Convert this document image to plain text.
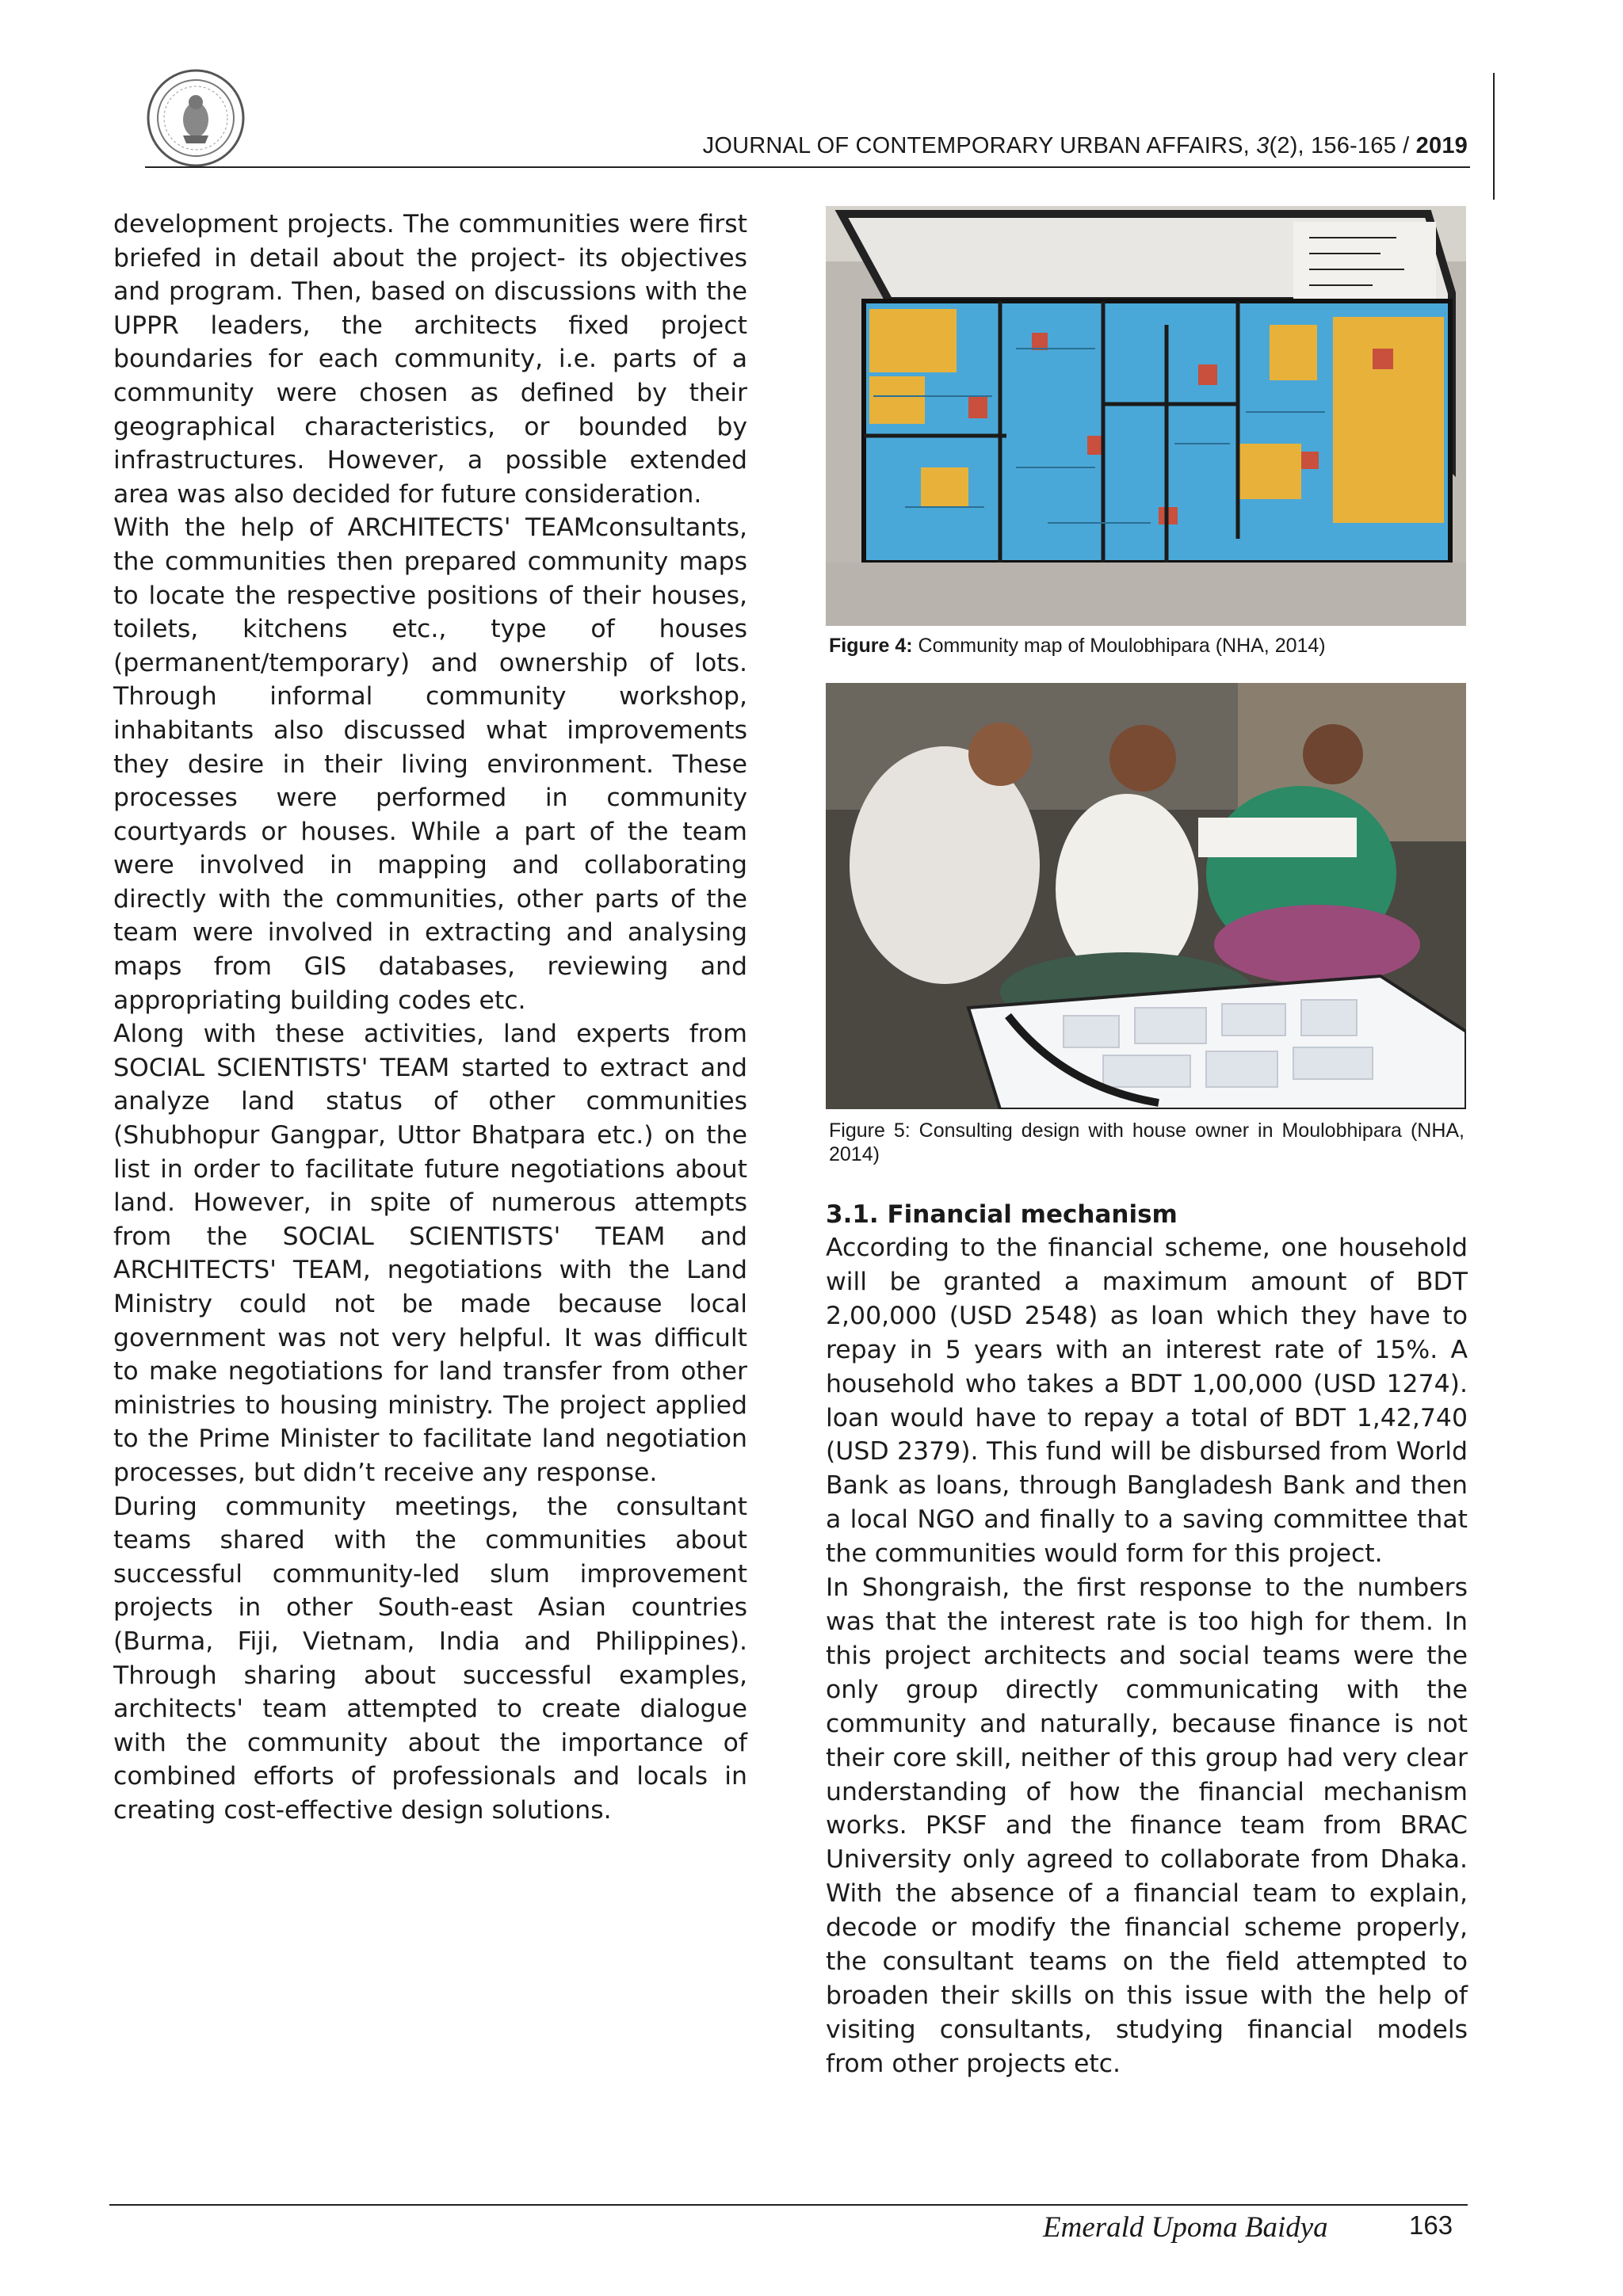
JOURNAL OF CONTEMPORARY URBAN AFFAIRS, 3(2), 156-165 / 2019

development projects. The communities were first briefed in detail about the project- its objectives and program. Then, based on discussions with the UPPR leaders, the architects fixed project boundaries for each community, i.e. parts of a community were chosen as defined by their geographical characteristics, or bounded by infrastructures. However, a possible extended area was also decided for future consideration.

With the help of ARCHITECTS' TEAMconsultants, the communities then prepared community maps to locate the respective positions of their houses, toilets, kitchens etc., type of houses (permanent/temporary) and ownership of lots. Through informal community workshop, inhabitants also discussed what improvements they desire in their living environment. These processes were performed in community courtyards or houses. While a part of the team were involved in mapping and collaborating directly with the communities, other parts of the team were involved in extracting and analysing maps from GIS databases, reviewing and appropriating building codes etc.

Along with these activities, land experts from SOCIAL SCIENTISTS' TEAM started to extract and analyze land status of other communities (Shubhopur Gangpar, Uttor Bhatpara etc.) on the list in order to facilitate future negotiations about land. However, in spite of numerous attempts from the SOCIAL SCIENTISTS' TEAM and ARCHITECTS' TEAM, negotiations with the Land Ministry could not be made because local government was not very helpful. It was difficult to make negotiations for land transfer from other ministries to housing ministry. The project applied to the Prime Minister to facilitate land negotiation processes, but didn’t receive any response.

During community meetings, the consultant teams shared with the communities about successful community-led slum improvement projects in other South-east Asian countries (Burma, Fiji, Vietnam, India and Philippines). Through sharing about successful examples, architects' team attempted to create dialogue with the community about the importance of combined efforts of professionals and locals in creating cost-effective design solutions.

Figure 4: Community map of Moulobhipara (NHA, 2014)
Figure 5: Consulting design with house owner in Moulobhipara (NHA, 2014)
3.1. Financial mechanism

According to the financial scheme, one household will be granted a maximum amount of BDT 2,00,000 (USD 2548) as loan which they have to repay in 5 years with an interest rate of 15%. A household who takes a BDT 1,00,000 (USD 1274). loan would have to repay a total of BDT 1,42,740 (USD 2379). This fund will be disbursed from World Bank as loans, through Bangladesh Bank and then a local NGO and finally to a saving committee that the communities would form for this project.

In Shongraish, the first response to the numbers was that the interest rate is too high for them. In this project architects and social teams were the only group directly communicating with the community and naturally, because finance is not their core skill, neither of this group had very clear understanding of how the financial mechanism works. PKSF and the finance team from BRAC University only agreed to collaborate from Dhaka. With the absence of a financial team to explain, decode or modify the financial scheme properly, the consultant teams on the field attempted to broaden their skills on this issue with the help of visiting consultants, studying financial models from other projects etc.

Emerald Upoma Baidya	163
